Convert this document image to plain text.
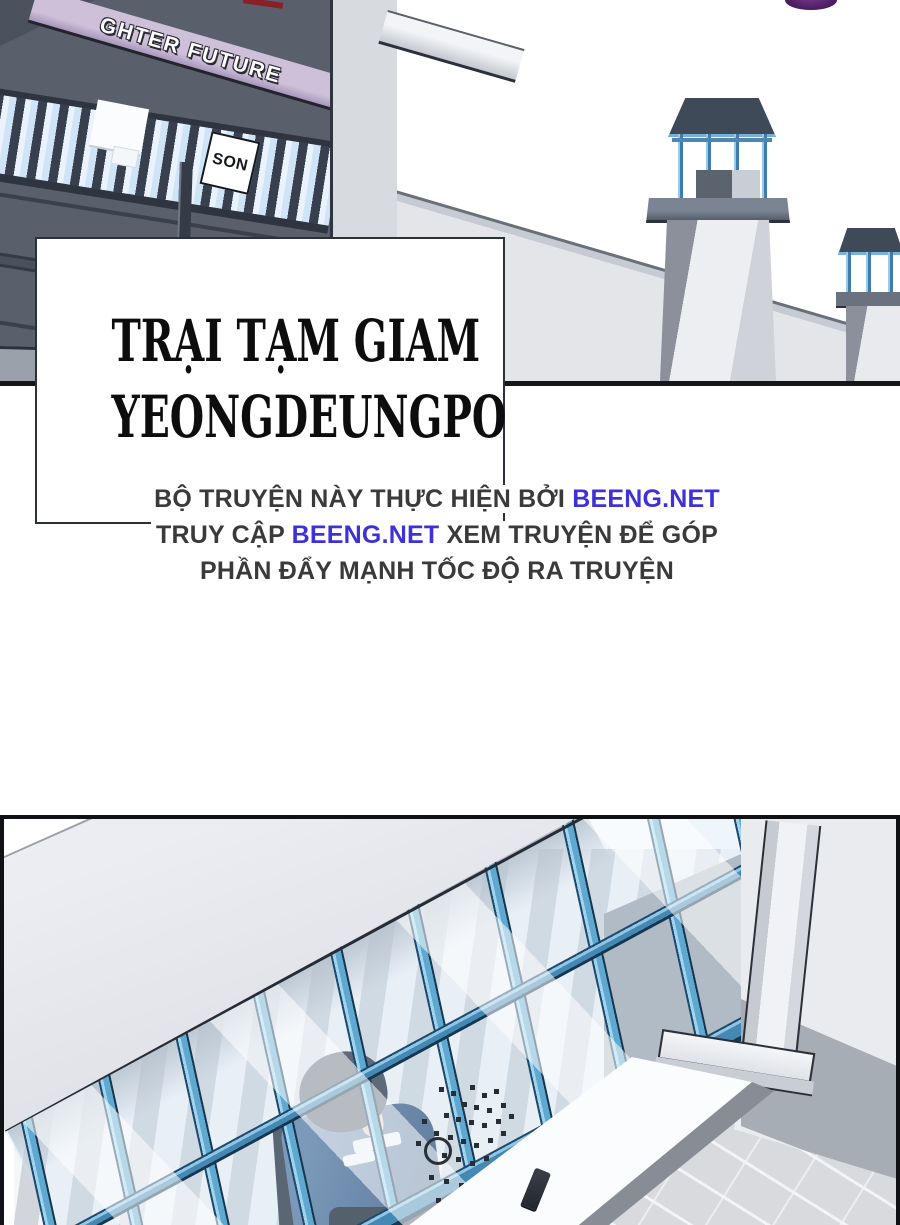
GHTER FUTURE
SON
TRẠI TẠM GIAM
YEONGDEUNGPO
BỘ TRUYỆN NÀY THỰC HIỆN BỞI BEENG.NET
TRUY CẬP BEENG.NET XEM TRUYỆN ĐỂ GÓP
PHẦN ĐẨY MẠNH TỐC ĐỘ RA TRUYỆN
